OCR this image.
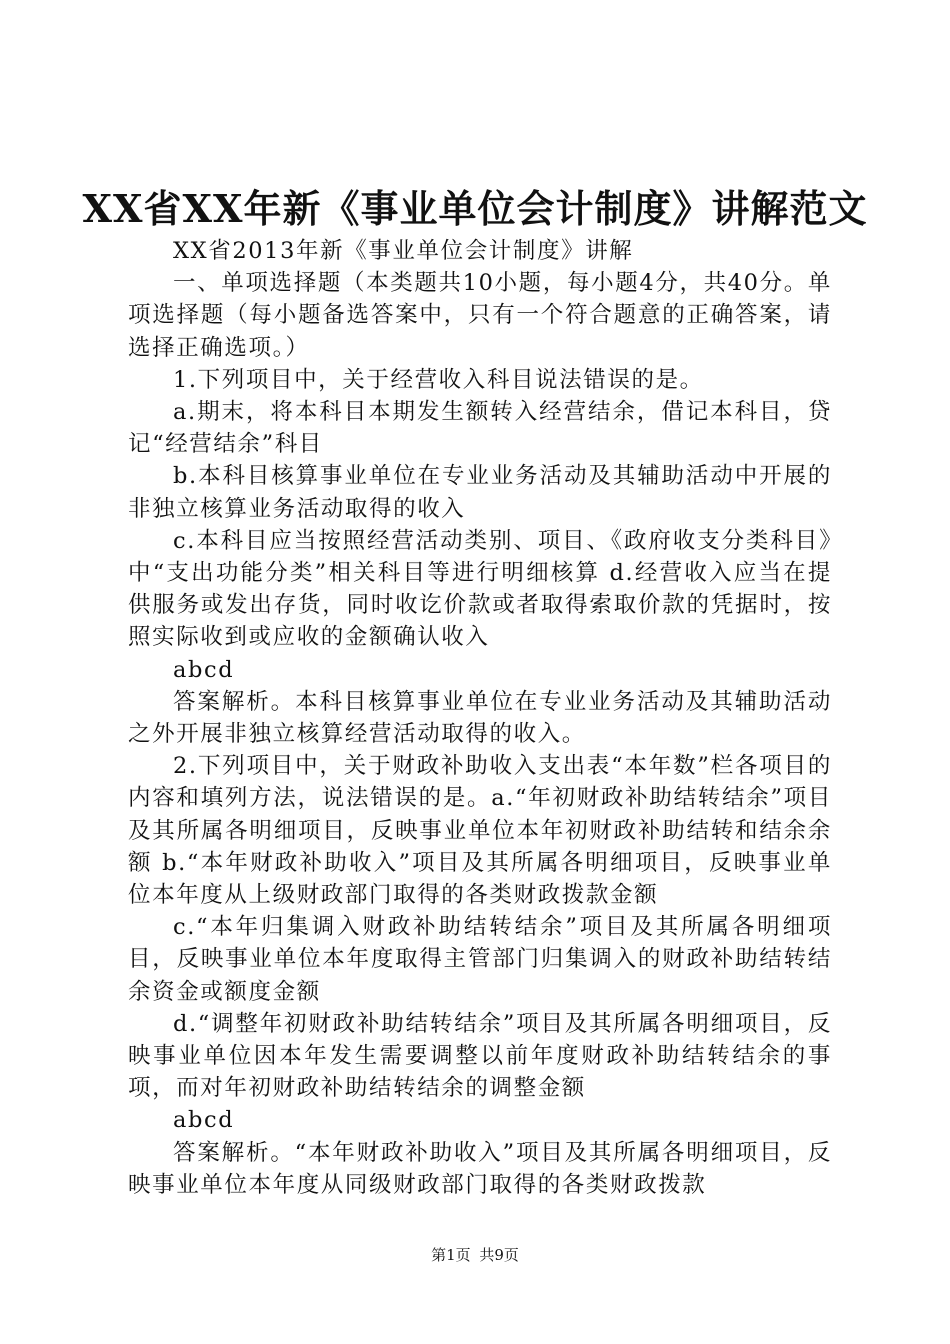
XX省XX年新《事业单位会计制度》讲解范文

XX省2013年新《事业单位会计制度》讲解

一、单项选择题（本类题共10小题，每小题4分，共40分。单项选择题（每小题备选答案中，只有一个符合题意的正确答案，请选择正确选项。）

1.下列项目中，关于经营收入科目说法错误的是。

a.期末，将本科目本期发生额转入经营结余，借记本科目，贷记“经营结余”科目

b.本科目核算事业单位在专业业务活动及其辅助活动中开展的非独立核算业务活动取得的收入

c.本科目应当按照经营活动类别、项目、《政府收支分类科目》中“支出功能分类”相关科目等进行明细核算 d.经营收入应当在提供服务或发出存货，同时收讫价款或者取得索取价款的凭据时，按照实际收到或应收的金额确认收入

abcd

答案解析。本科目核算事业单位在专业业务活动及其辅助活动之外开展非独立核算经营活动取得的收入。

2.下列项目中，关于财政补助收入支出表“本年数”栏各项目的内容和填列方法，说法错误的是。a.“年初财政补助结转结余”项目及其所属各明细项目，反映事业单位本年初财政补助结转和结余余额 b.“本年财政补助收入”项目及其所属各明细项目，反映事业单位本年度从上级财政部门取得的各类财政拨款金额

c.“本年归集调入财政补助结转结余”项目及其所属各明细项目，反映事业单位本年度取得主管部门归集调入的财政补助结转结余资金或额度金额

d.“调整年初财政补助结转结余”项目及其所属各明细项目，反映事业单位因本年发生需要调整以前年度财政补助结转结余的事项，而对年初财政补助结转结余的调整金额

abcd

答案解析。“本年财政补助收入”项目及其所属各明细项目，反映事业单位本年度从同级财政部门取得的各类财政拨款

第1页 共9页
